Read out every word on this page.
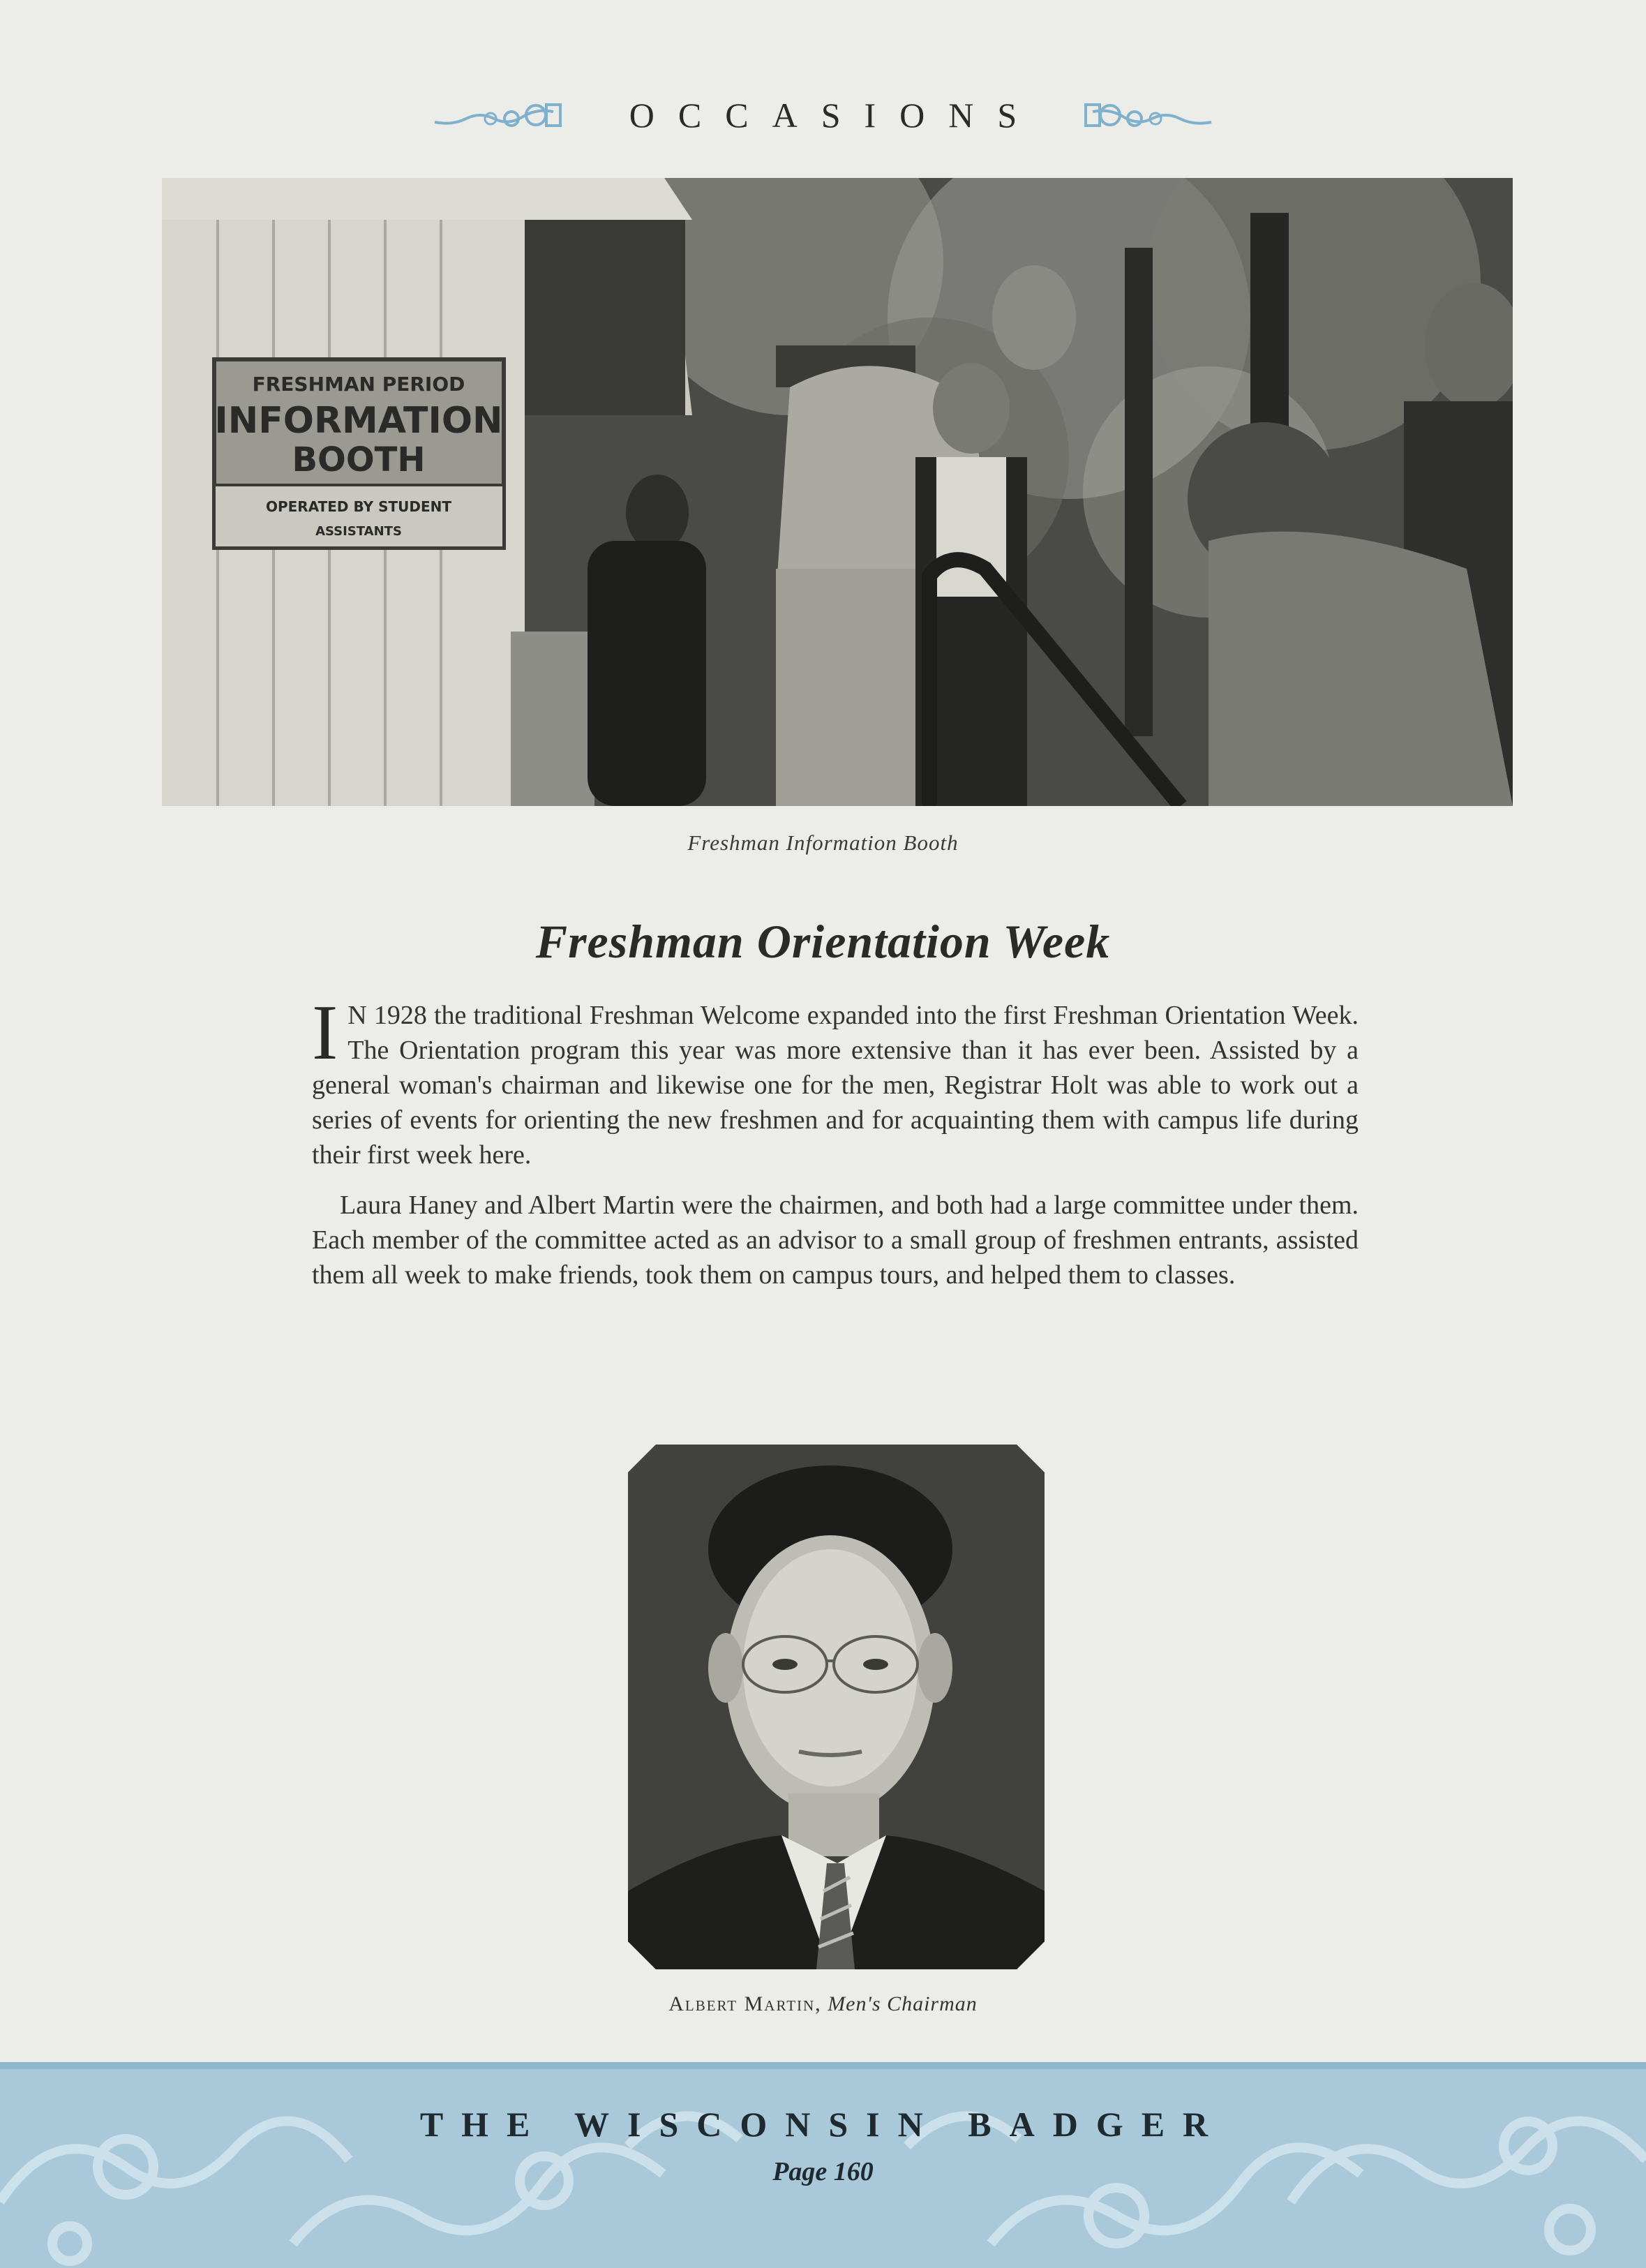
OCCASIONS
FRESHMAN PERIOD
INFORMATION
BOOTH
OPERATED BY STUDENT
ASSISTANTS
Freshman Information Booth
Freshman Orientation Week

I N 1928 the traditional Freshman Welcome expanded into the first Freshman Orientation Week. The Orientation program this year was more extensive than it has ever been. Assisted by a general woman's chairman and likewise one for the men, Registrar Holt was able to work out a series of events for orienting the new freshmen and for acquainting them with campus life during their first week here.

Laura Haney and Albert Martin were the chairmen, and both had a large committee under them. Each member of the committee acted as an advisor to a small group of freshmen entrants, assisted them all week to make friends, took them on campus tours, and helped them to classes.

Albert Martin, Men's Chairman
THE WISCONSIN BADGER
Page 160
